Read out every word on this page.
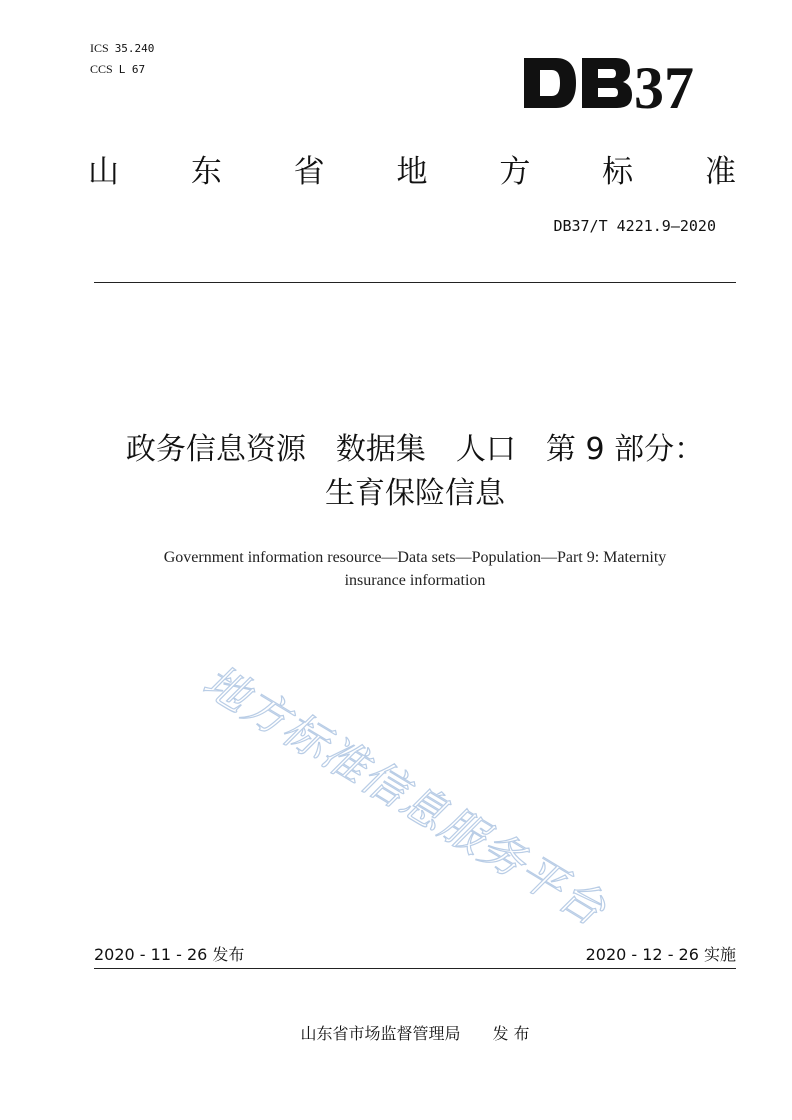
ICS 35.240
CCS L 67	37
山 东 省 地 方 标 准
DB37/T 4221.9—2020
政务信息资源　数据集　人口　第 9 部分：
生育保险信息
Government information resource—Data sets—Population—Part 9: Maternity
insurance information
地方标准信息服务平台
2020 - 11 - 26 发布	2020 - 12 - 26 实施
山东省市场监督管理局　　发 布
